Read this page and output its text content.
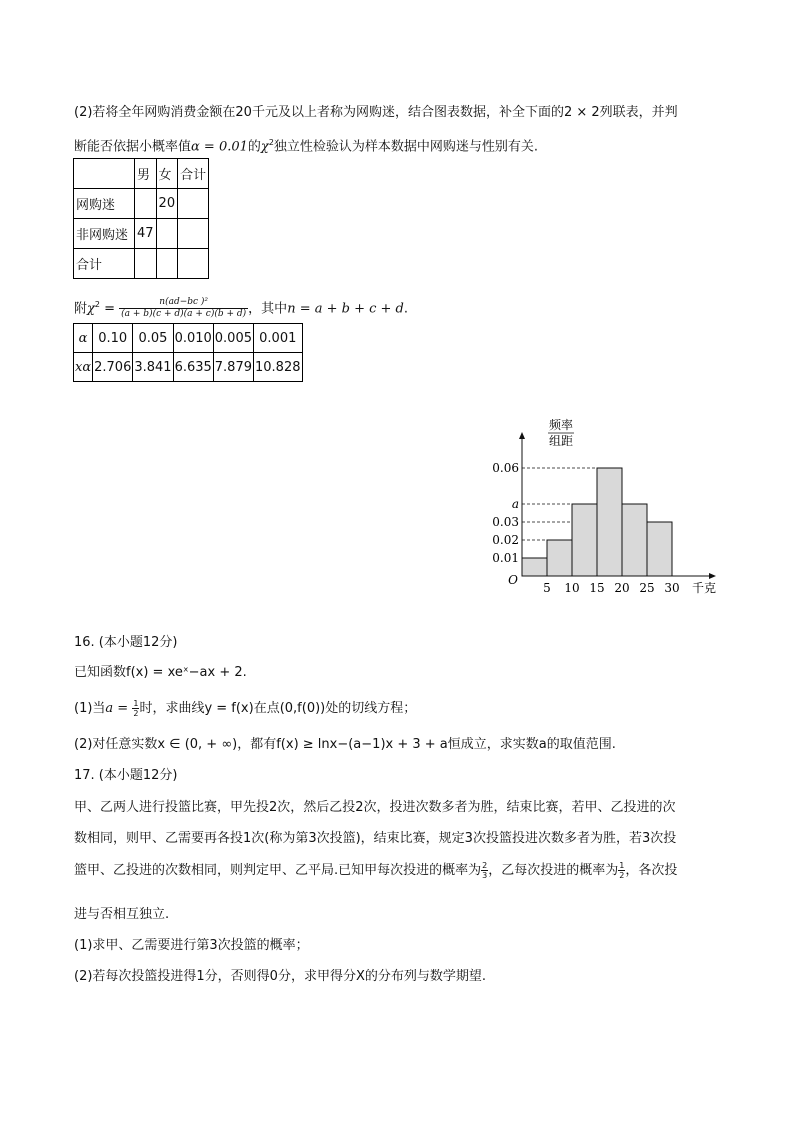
(2)若将全年网购消费金额在20千元及以上者称为网购迷，结合图表数据，补全下面的2 × 2列联表，并判
断能否依据小概率值α = 0.01的$\chi^2$独立性检验认为样本数据中网购迷与性别有关.
	男	女	合计
网购迷		20	
非网购迷	47		
合计			
附$\chi^2 = \frac{\text{n(ad−bc )²}}{(a + b)(c + d)(a + c)(b + d)}$ ，其中n = a + b + c + d.
α	0.10	0.05	0.010	0.005	0.001
xα	2.706	3.841	6.635	7.879	10.828
频率
组距
0.01
0.02
0.03
a
0.06
5 10 15 20 25 30
O
千克
16. (本小题12分)
已知函数f(x) = xeˣ−ax + 2.
(1)当$a = \frac{1}{2}$ 时，求曲线y = f(x)在点(0,f(0))处的切线方程；
(2)对任意实数x ∈ (0, + ∞)，都有f(x) ≥ lnx−(a−1)x + 3 + a恒成立，求实数a的取值范围.
17. (本小题12分)
甲、乙两人进行投篮比赛，甲先投2次，然后乙投2次，投进次数多者为胜，结束比赛，若甲、乙投进的次
数相同，则甲、乙需要再各投1次(称为第3次投篮)，结束比赛，规定3次投篮投进次数多者为胜，若3次投
篮甲、乙投进的次数相同，则判定甲、乙平局.已知甲每次投进的概率为 $\frac{2}{3}$ ，乙每次投进的概率为 $\frac{1}{2}$ ，各次投
进与否相互独立.
(1)求甲、乙需要进行第3次投篮的概率；
(2)若每次投篮投进得1分，否则得0分，求甲得分X的分布列与数学期望.
